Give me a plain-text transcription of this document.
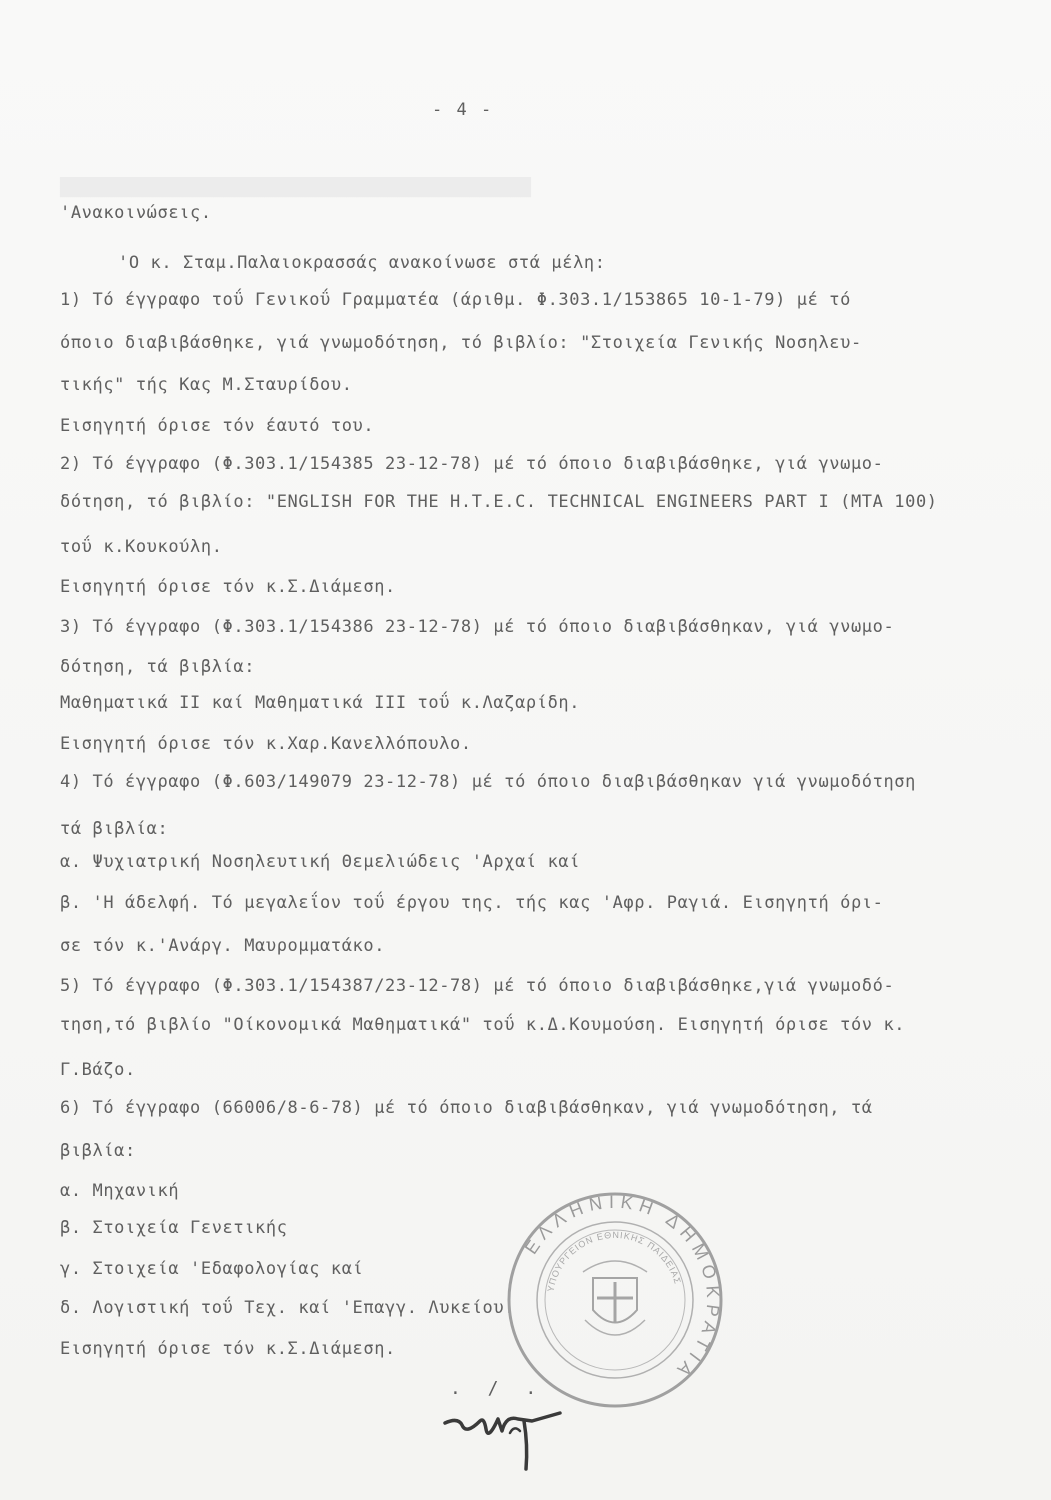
██████████████████████████████████████████████
- 4 -
'Ανακοινώσεις.
'Ο κ. Σταμ.Παλαιοκρασσάς ανακοίνωσε στά μέλη:
1) Τό έγγραφο τοΰ Γενικοΰ Γραμματέα (άριθμ. Φ.303.1/153865 10-1-79) μέ τό
όποιο διαβιβάσθηκε, γιά γνωμοδότηση, τό βιβλίο: "Στοιχεία Γενικής Νοσηλευ-
τικής" τής Κας Μ.Σταυρίδου.
Εισηγητή όρισε τόν έαυτό του.
2) Τό έγγραφο (Φ.303.1/154385 23-12-78) μέ τό όποιο διαβιβάσθηκε, γιά γνωμο-
δότηση, τό βιβλίο: "ENGLISH FOR THE H.T.E.C. TECHNICAL ENGINEERS PART I (MTA 100)
τοΰ κ.Κουκούλη.
Εισηγητή όρισε τόν κ.Σ.Διάμεση.
3) Τό έγγραφο (Φ.303.1/154386 23-12-78) μέ τό όποιο διαβιβάσθηκαν, γιά γνωμο-
δότηση, τά βιβλία:
Μαθηματικά ΙΙ καί Μαθηματικά ΙΙΙ τοΰ κ.Λαζαρίδη.
Εισηγητή όρισε τόν κ.Χαρ.Κανελλόπουλο.
4) Τό έγγραφο (Φ.603/149079 23-12-78) μέ τό όποιο διαβιβάσθηκαν γιά γνωμοδότηση
τά βιβλία:
α. Ψυχιατρική Νοσηλευτική Θεμελιώδεις 'Αρχαί καί
β. 'Η άδελφή. Τό μεγαλεΐον τοΰ έργου της. τής κας 'Αφρ. Ραγιά. Εισηγητή όρι-
σε τόν κ.'Ανάργ. Μαυρομματάκο.
5) Τό έγγραφο (Φ.303.1/154387/23-12-78) μέ τό όποιο διαβιβάσθηκε,γιά γνωμοδό-
τηση,τό βιβλίο "Οίκονομικά Μαθηματικά" τοΰ κ.Δ.Κουμούση. Εισηγητή όρισε τόν κ.
Γ.Βάζο.
6) Τό έγγραφο (66006/8-6-78) μέ τό όποιο διαβιβάσθηκαν, γιά γνωμοδότηση, τά
βιβλία:
α. Μηχανική
β. Στοιχεία Γενετικής
γ. Στοιχεία 'Εδαφολογίας καί
δ. Λογιστική τοΰ Τεχ. καί 'Επαγγ. Λυκείου.
Εισηγητή όρισε τόν κ.Σ.Διάμεση.
ΕΛΛΗΝΙΚΗ ΔΗΜΟΚΡΑΤΙΑ
ΥΠΟΥΡΓΕΙΟΝ ΕΘΝΙΚΗΣ ΠΑΙΔΕΙΑΣ
. / .
